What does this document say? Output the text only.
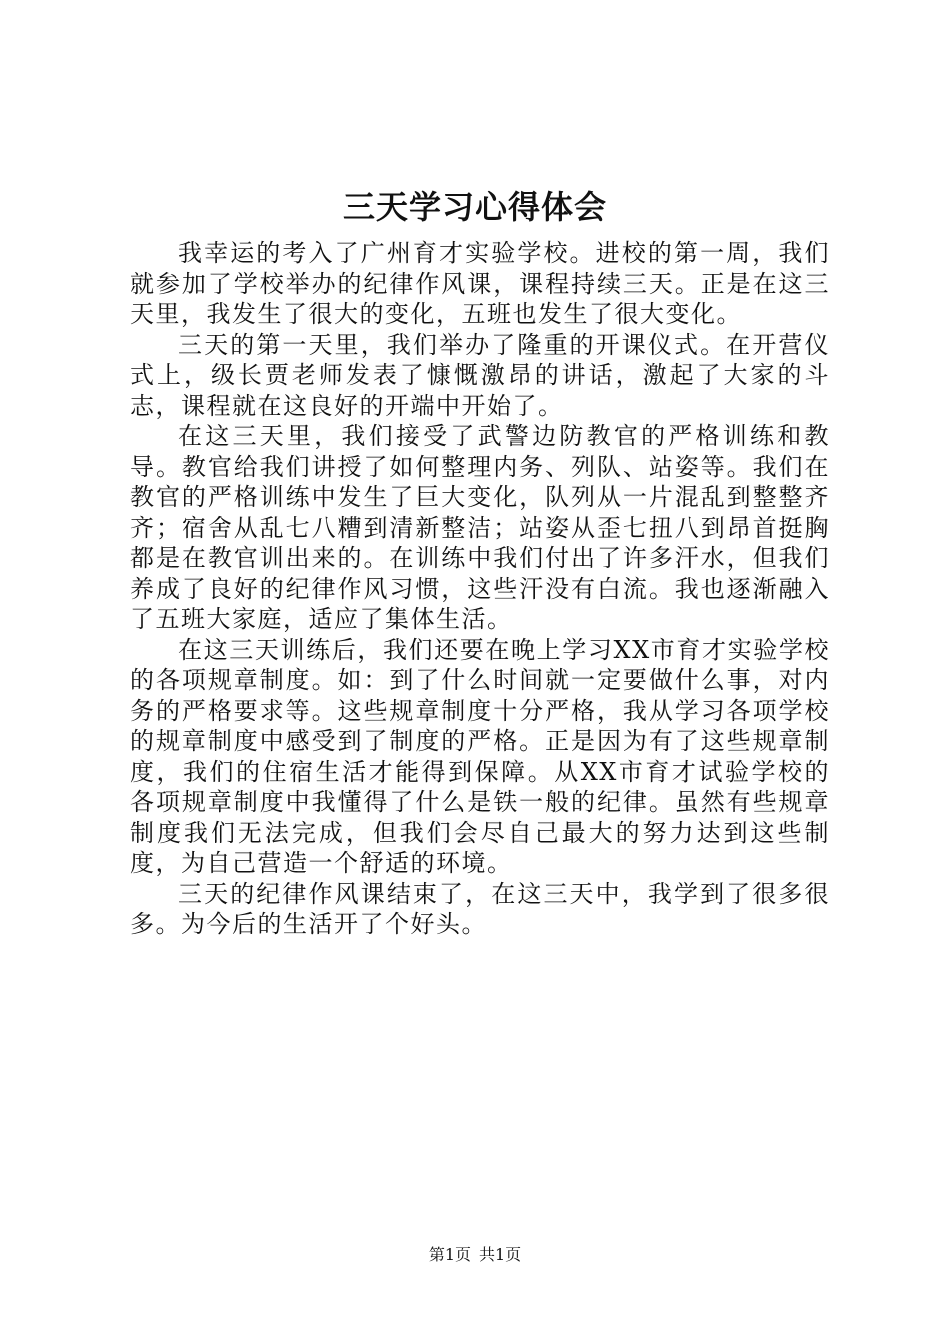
三天学习心得体会

我幸运的考入了广州育才实验学校。进校的第一周，我们就参加了学校举办的纪律作风课，课程持续三天。正是在这三天里，我发生了很大的变化，五班也发生了很大变化。

三天的第一天里，我们举办了隆重的开课仪式。在开营仪式上，级长贾老师发表了慷慨激昂的讲话，激起了大家的斗志，课程就在这良好的开端中开始了。

在这三天里，我们接受了武警边防教官的严格训练和教导。教官给我们讲授了如何整理内务、列队、站姿等。我们在教官的严格训练中发生了巨大变化，队列从一片混乱到整整齐齐；宿舍从乱七八糟到清新整洁；站姿从歪七扭八到昂首挺胸都是在教官训出来的。在训练中我们付出了许多汗水，但我们养成了良好的纪律作风习惯，这些汗没有白流。我也逐渐融入了五班大家庭，适应了集体生活。

在这三天训练后，我们还要在晚上学习XX市育才实验学校的各项规章制度。如：到了什么时间就一定要做什么事，对内务的严格要求等。这些规章制度十分严格，我从学习各项学校的规章制度中感受到了制度的严格。正是因为有了这些规章制度，我们的住宿生活才能得到保障。从XX市育才试验学校的各项规章制度中我懂得了什么是铁一般的纪律。虽然有些规章制度我们无法完成，但我们会尽自己最大的努力达到这些制度，为自己营造一个舒适的环境。

三天的纪律作风课结束了，在这三天中，我学到了很多很多。为今后的生活开了个好头。

第1页 共1页
